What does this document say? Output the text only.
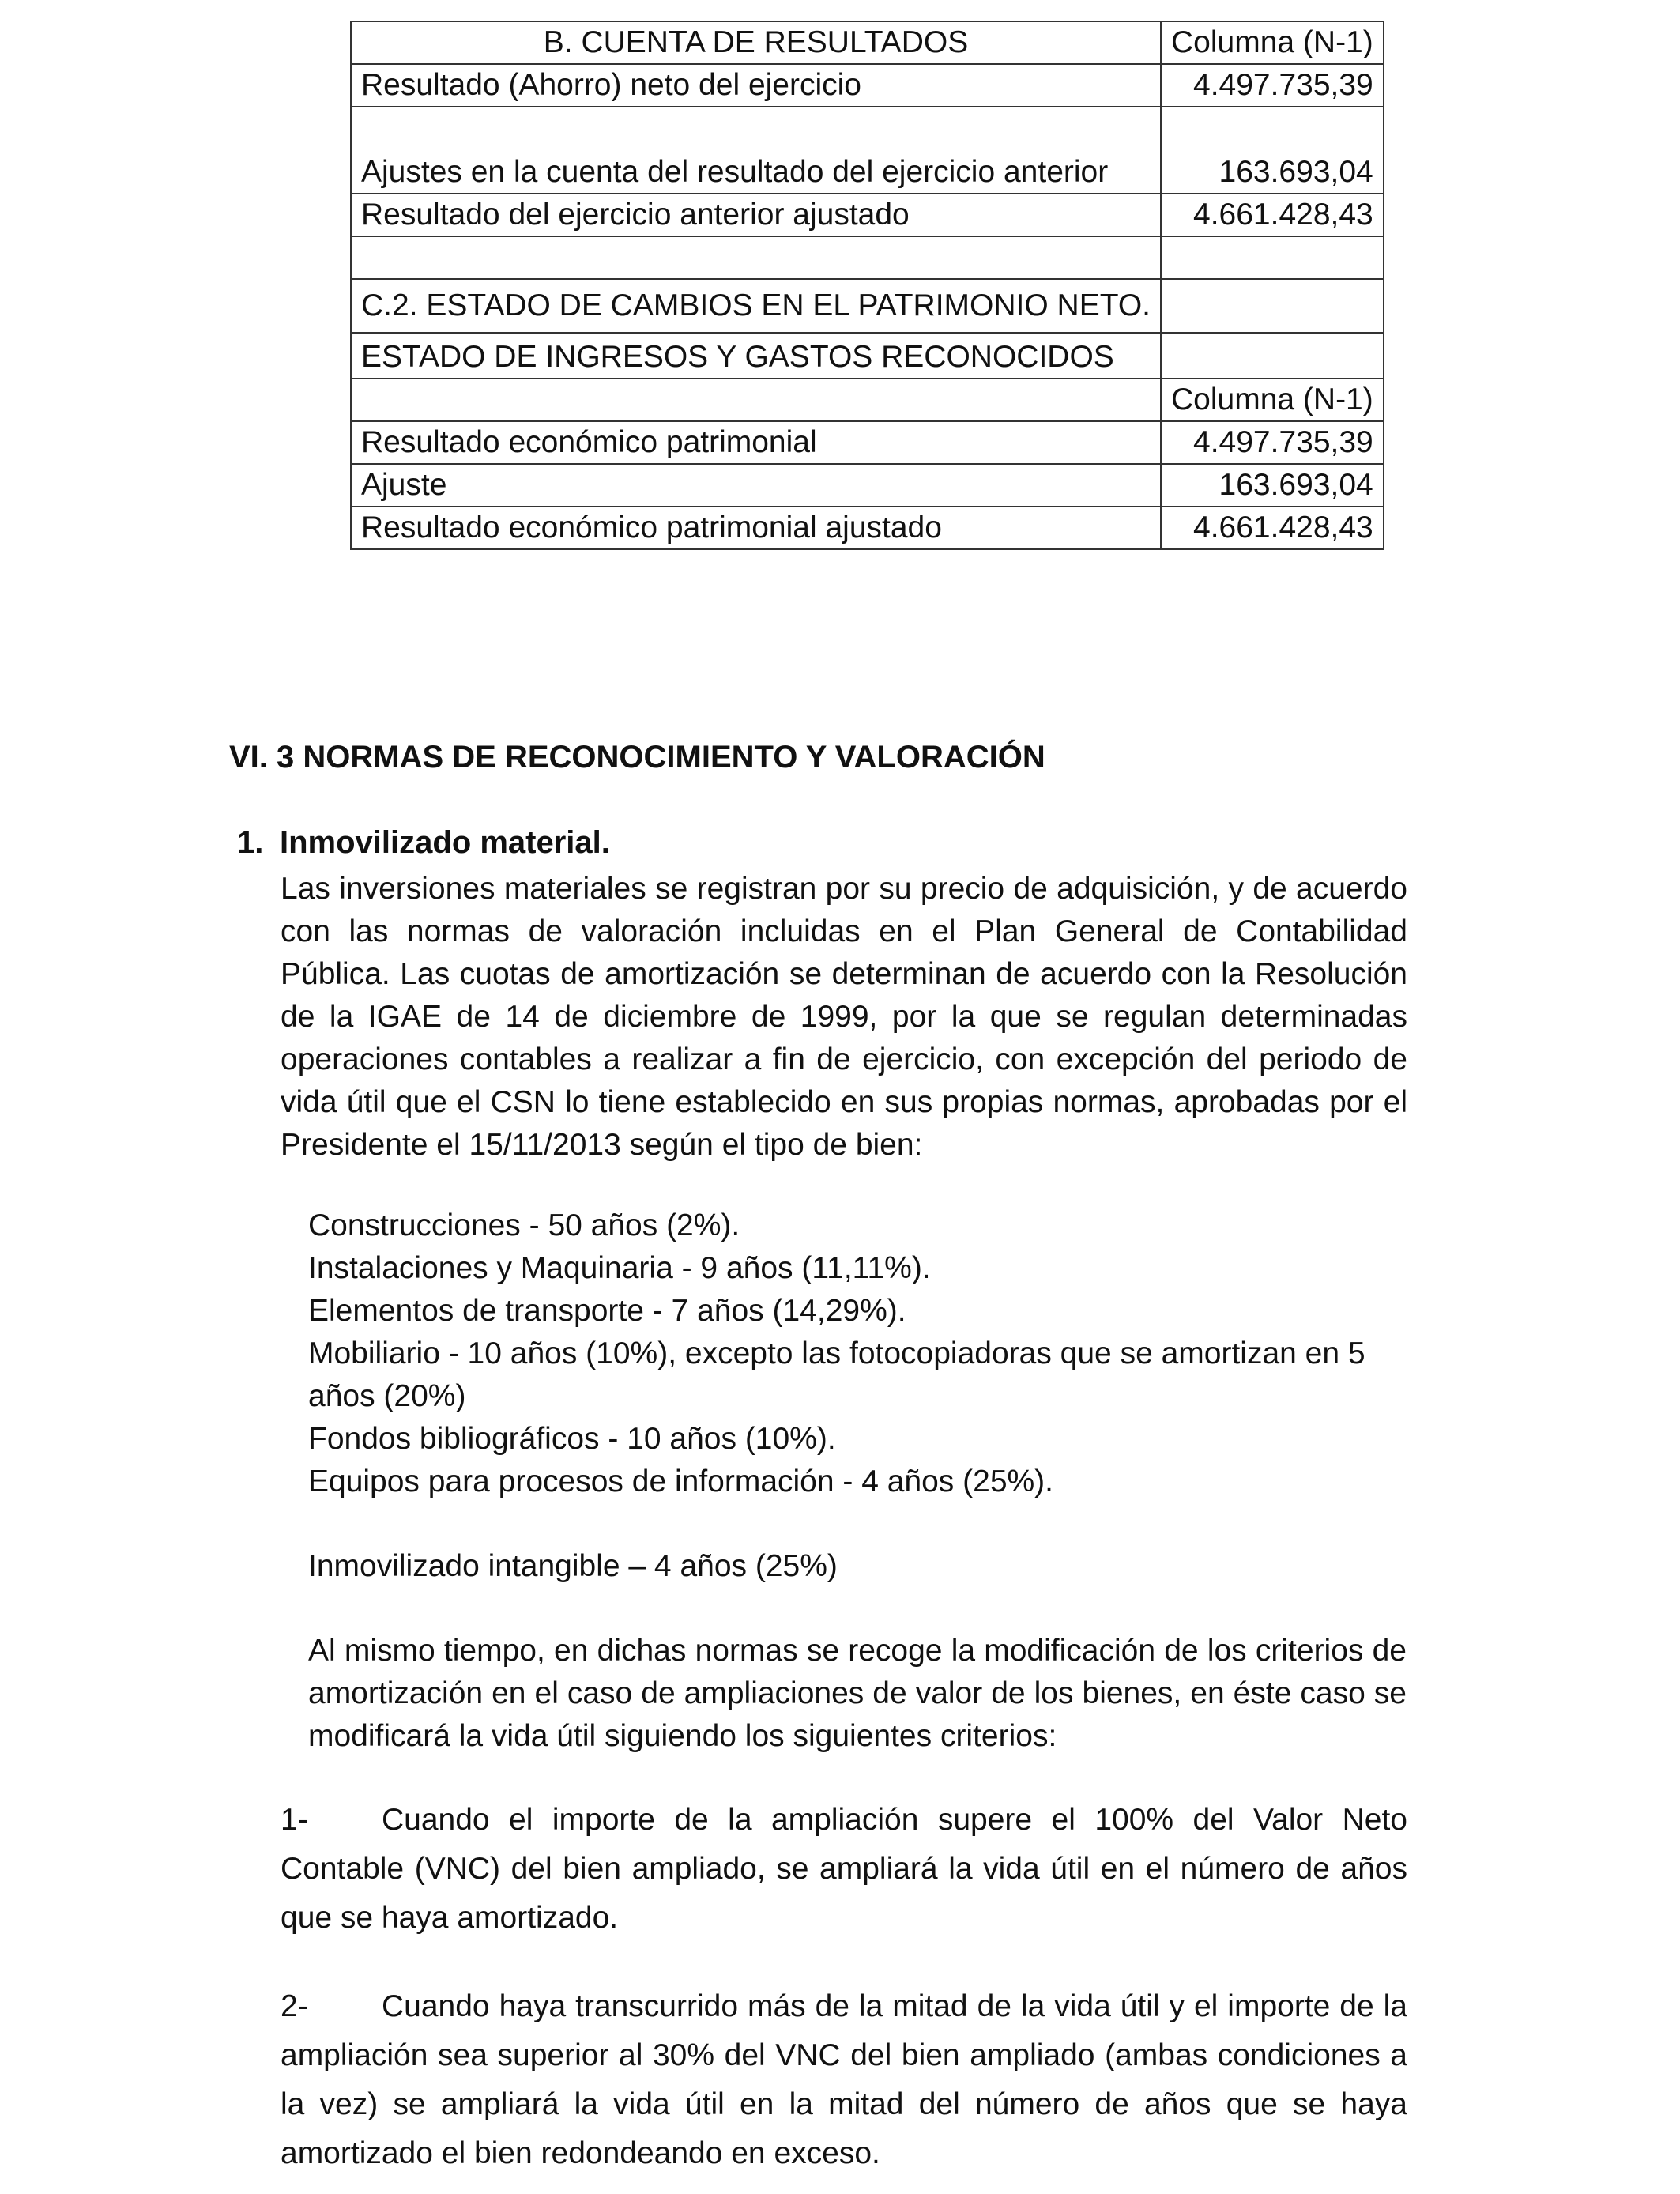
B. CUENTA DE RESULTADOS	Columna (N-1)
Resultado (Ahorro) neto del ejercicio	4.497.735,39
Ajustes en la cuenta del resultado del ejercicio anterior	163.693,04
Resultado del ejercicio anterior ajustado	4.661.428,43

C.2. ESTADO DE CAMBIOS EN EL PATRIMONIO NETO.	
ESTADO DE INGRESOS Y GASTOS RECONOCIDOS	
	Columna (N-1)
Resultado económico patrimonial	4.497.735,39
Ajuste	163.693,04
Resultado económico patrimonial ajustado	4.661.428,43
VI. 3 NORMAS DE RECONOCIMIENTO Y VALORACIÓN
1. Inmovilizado material.
Las inversiones materiales se registran por su precio de adquisición, y de acuerdo con las normas de valoración incluidas en el Plan General de Contabilidad Pública. Las cuotas de amortización se determinan de acuerdo con la Resolución de la IGAE de 14 de diciembre de 1999, por la que se regulan determinadas operaciones contables a realizar a fin de ejercicio, con excepción del periodo de vida útil que el CSN lo tiene establecido en sus propias normas, aprobadas por el Presidente el 15/11/2013 según el tipo de bien:
Construcciones - 50 años (2%).
Instalaciones y Maquinaria - 9 años (11,11%).
Elementos de transporte - 7 años (14,29%).
Mobiliario - 10 años (10%), excepto las fotocopiadoras que se amortizan en 5 años (20%)
Fondos bibliográficos - 10 años (10%).
Equipos para procesos de información - 4 años (25%).
Inmovilizado intangible – 4 años (25%)
Al mismo tiempo, en dichas normas se recoge la modificación de los criterios de amortización en el caso de ampliaciones de valor de los bienes, en éste caso se modificará la vida útil siguiendo los siguientes criterios:
1- Cuando el importe de la ampliación supere el 100% del Valor Neto Contable (VNC) del bien ampliado, se ampliará la vida útil en el número de años que se haya amortizado.
2- Cuando haya transcurrido más de la mitad de la vida útil y el importe de la ampliación sea superior al 30% del VNC del bien ampliado (ambas condiciones a la vez) se ampliará la vida útil en la mitad del número de años que se haya amortizado el bien redondeando en exceso.
